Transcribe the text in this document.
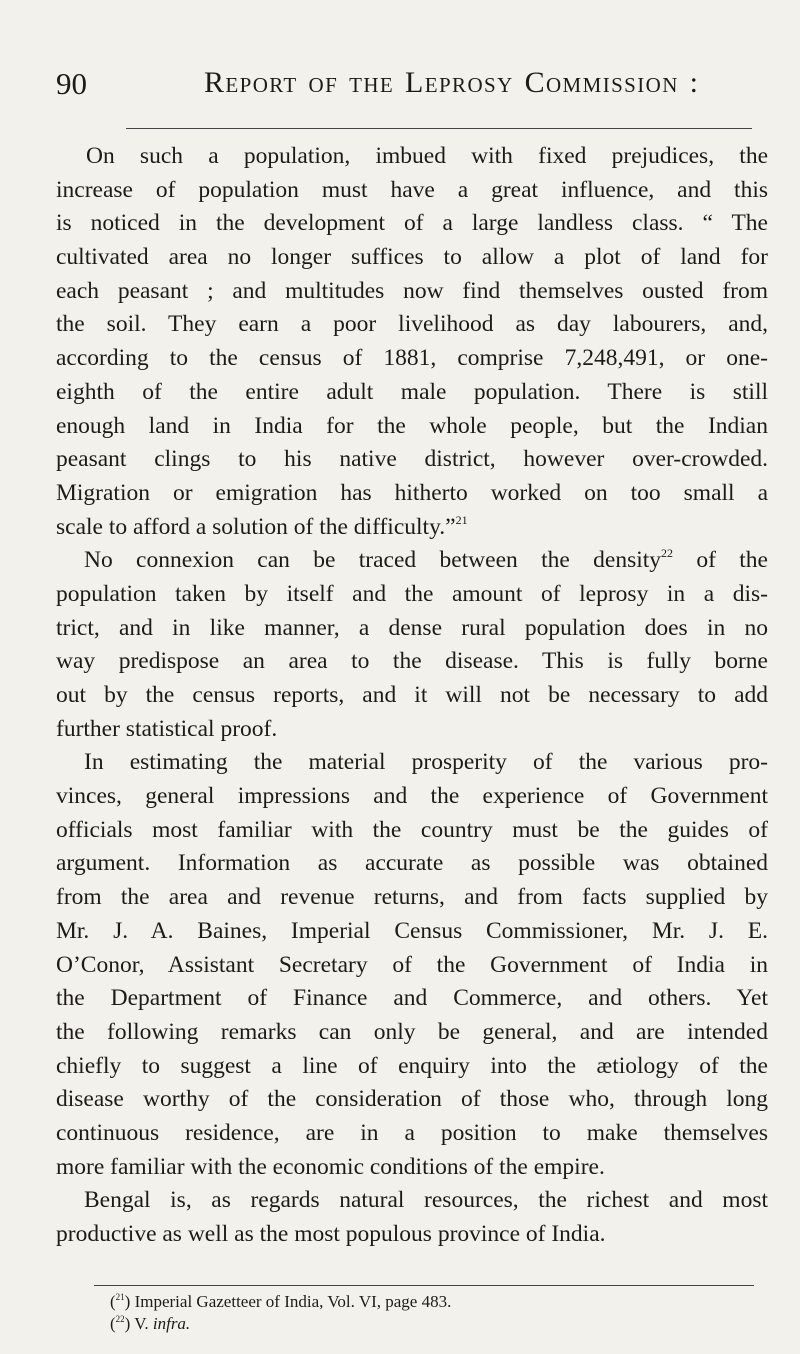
90	Report of the Leprosy Commission :
On such a population, imbued with fixed prejudices, the
increase of population must have a great influence, and this
is noticed in the development of a large landless class. “ The
cultivated area no longer suffices to allow a plot of land for
each peasant ; and multitudes now find themselves ousted from
the soil. They earn a poor livelihood as day labourers, and,
according to the census of 1881, comprise 7,248,491, or one-
eighth of the entire adult male population. There is still
enough land in India for the whole people, but the Indian
peasant clings to his native district, however over-crowded.
Migration or emigration has hitherto worked on too small a
scale to afford a solution of the difficulty.”$^{21}$
No connexion can be traced between the density$^{22}$ of the
population taken by itself and the amount of leprosy in a dis-
trict, and in like manner, a dense rural population does in no
way predispose an area to the disease. This is fully borne
out by the census reports, and it will not be necessary to add
further statistical proof.
In estimating the material prosperity of the various pro-
vinces, general impressions and the experience of Government
officials most familiar with the country must be the guides of
argument. Information as accurate as possible was obtained
from the area and revenue returns, and from facts supplied by
Mr. J. A. Baines, Imperial Census Commissioner, Mr. J. E.
O’Conor, Assistant Secretary of the Government of India in
the Department of Finance and Commerce, and others. Yet
the following remarks can only be general, and are intended
chiefly to suggest a line of enquiry into the ætiology of the
disease worthy of the consideration of those who, through long
continuous residence, are in a position to make themselves
more familiar with the economic conditions of the empire.
Bengal is, as regards natural resources, the richest and most
productive as well as the most populous province of India.
($^{21}$) Imperial Gazetteer of India, Vol. VI, page 483.
($^{22}$) V. infra.
